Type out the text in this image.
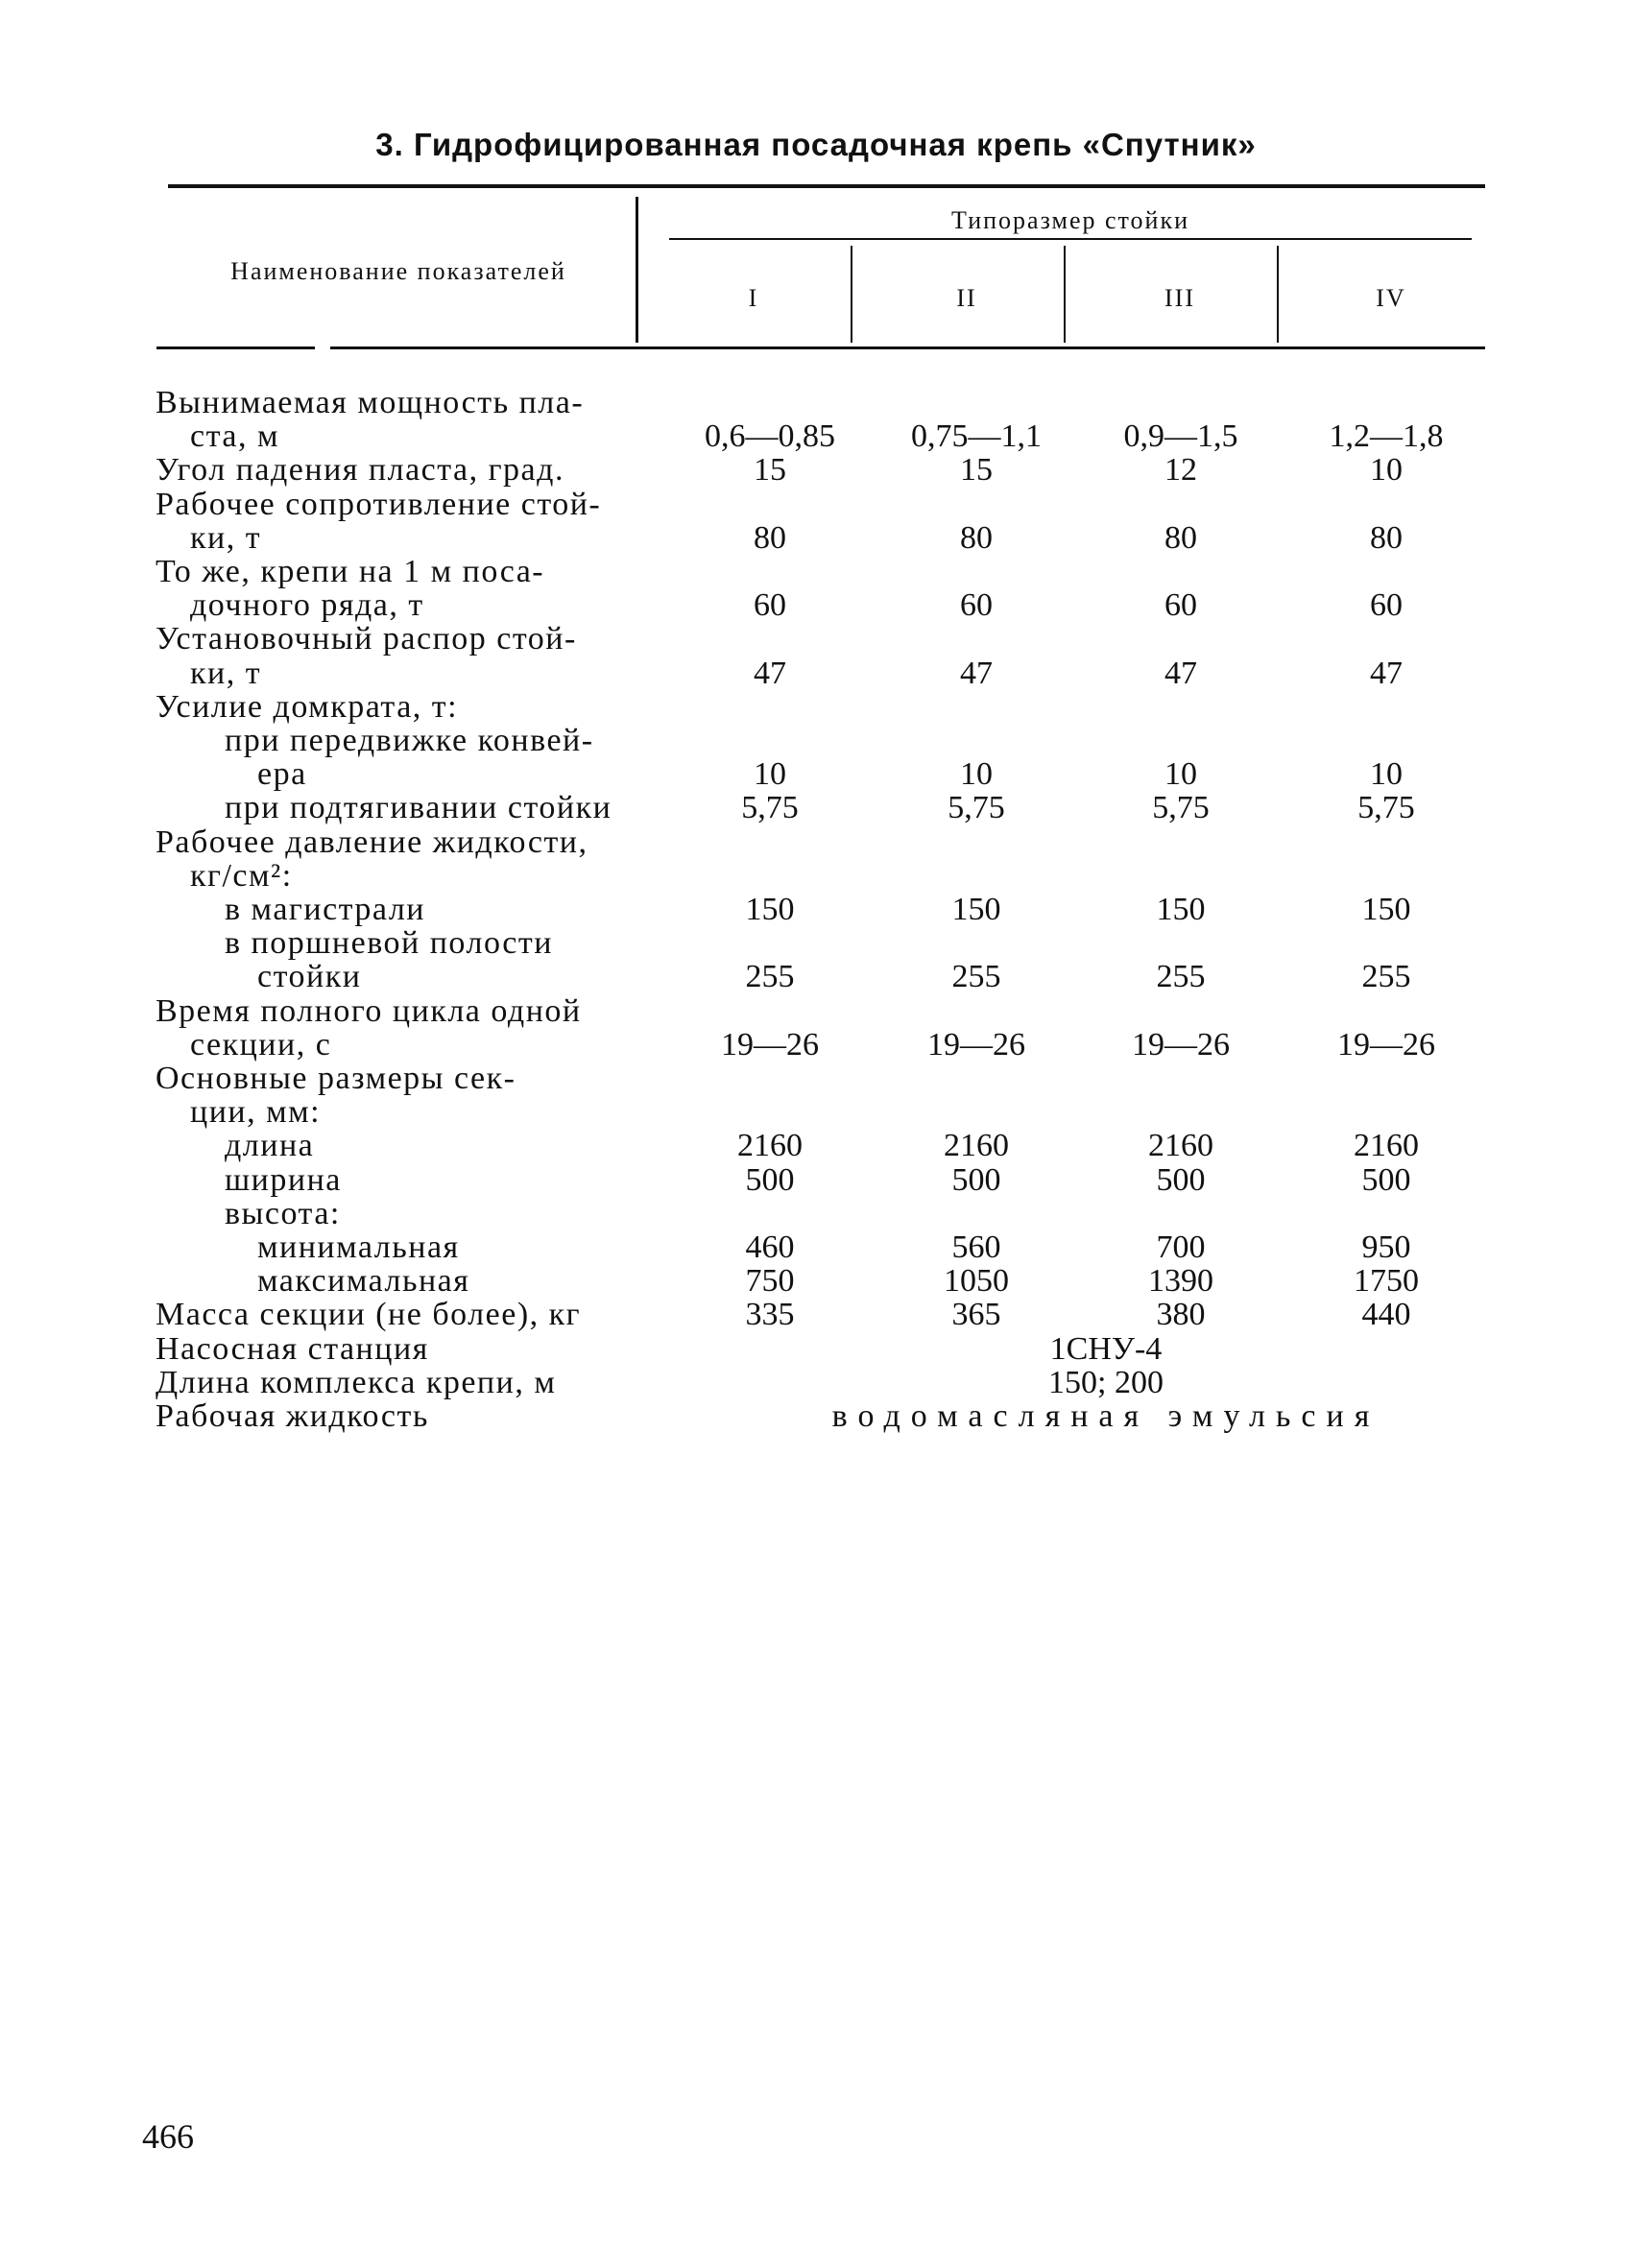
3. Гидрофицированная посадочная крепь «Спутник»
Наименование показателей
Типоразмер стойки
I	II	III	IV
Вынимаемая мощность пла-
ста, м	0,6—0,85	0,75—1,1	0,9—1,5	1,2—1,8
Угол падения пласта, град.	15	15	12	10
Рабочее сопротивление стой-
ки, т	80	80	80	80
То же, крепи на 1 м поса-
дочного ряда, т	60	60	60	60
Установочный распор стой-
ки, т	47	47	47	47
Усилие домкрата, т:
при передвижке конвей-
ера	10	10	10	10
при подтягивании стойки	5,75	5,75	5,75	5,75
Рабочее давление жидкости,
кг/см²:
в магистрали	150	150	150	150
в поршневой полости
стойки	255	255	255	255
Время полного цикла одной
секции, с	19—26	19—26	19—26	19—26
Основные размеры сек-
ции, мм:
длина	2160	2160	2160	2160
ширина	500	500	500	500
высота:
минимальная	460	560	700	950
максимальная	750	1050	1390	1750
Масса секции (не более), кг	335	365	380	440
Насосная станция	1СНУ-4
Длина комплекса крепи, м	150; 200
Рабочая жидкость	водомасляная эмульсия
466
